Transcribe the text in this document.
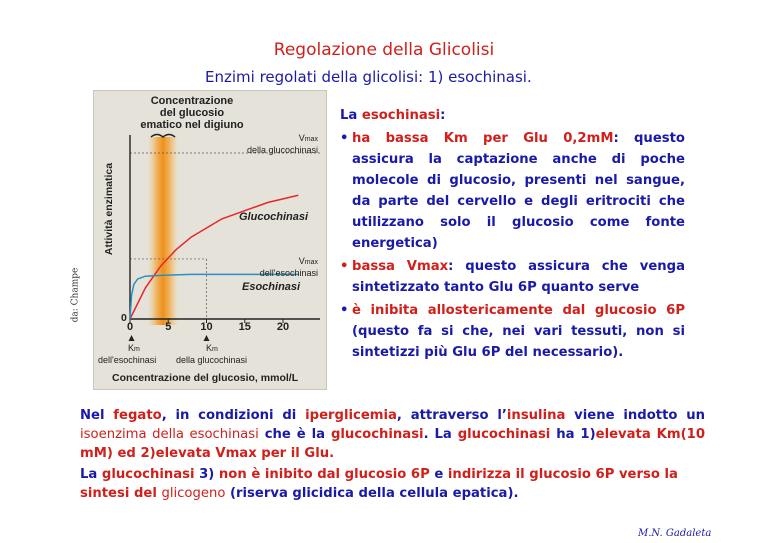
Regolazione della Glicolisi
Enzimi regolati della glicolisi: 1) esochinasi.
da: Champe
Concentrazione
del glucosio
ematico nel digiuno
Attività enzimatica
0
Vmax
della glucochinasi
Glucochinasi
Vmax
dell'esochinasi
Esochinasi
0	5	10	15	20
Km
dell'esochinasi
Km
della glucochinasi
Concentrazione del glucosio, mmol/L
La esochinasi:
• ha bassa Km per Glu 0,2mM: questo assicura la captazione anche di poche molecole di glucosio, presenti nel sangue, da parte del cervello e degli eritrociti che utilizzano solo il glucosio come fonte energetica)
• bassa Vmax: questo assicura che venga sintetizzato tanto Glu 6P quanto serve
• è inibita allostericamente dal glucosio 6P (questo fa si che, nei vari tessuti, non si sintetizzi più Glu 6P del necessario).
Nel fegato, in condizioni di iperglicemia, attraverso l’insulina viene indotto un isoenzima della esochinasi che è la glucochinasi. La glucochinasi ha 1)elevata Km(10 mM) ed 2)elevata Vmax per il Glu.
La glucochinasi 3) non è inibito dal glucosio 6P e indirizza il glucosio 6P verso la sintesi del glicogeno (riserva glicidica della cellula epatica).
M.N. Gadaleta
